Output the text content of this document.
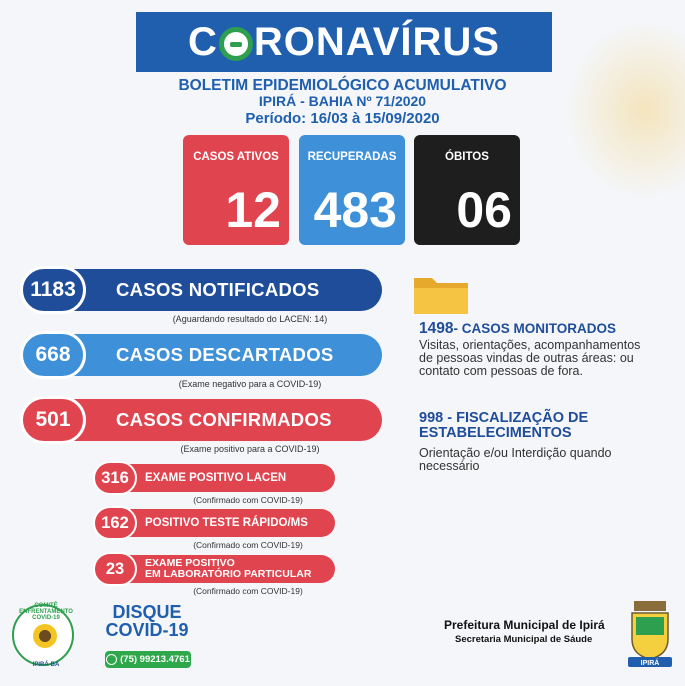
C RONAVÍRUS
BOLETIM EPIDEMIOLÓGICO ACUMULATIVO
IPIRÁ - BAHIA Nº 71/2020
Período: 16/03 à 15/09/2020
CASOS ATIVOS
12
RECUPERADAS
483
ÓBITOS
06
CASOS NOTIFICADOS
1183
(Aguardando resultado do LACEN: 14)
CASOS DESCARTADOS
668
(Exame negativo para a COVID-19)
CASOS CONFIRMADOS
501
(Exame positivo para a COVID-19)
EXAME POSITIVO LACEN
316
(Confirmado com COVID-19)
POSITIVO TESTE RÁPIDO/MS
162
(Confirmado com COVID-19)
EXAME POSITIVO
EM LABORATÓRIO PARTICULAR
23
(Confirmado com COVID-19)
1498- CASOS MONITORADOS
Visitas, orientações, acompanhamentos de pessoas vindas de outras áreas: ou contato com pessoas de fora.
998 - FISCALIZAÇÃO DE ESTABELECIMENTOS
Orientação e/ou Interdição quando necessário
COMITÊ ENFRENTAMENTO COVID-19
IPIRÁ-BA
DISQUE
COVID-19
(75) 99213.4761
Prefeitura Municipal de Ipirá
Secretaria Municipal de Sáude
IPIRÁ
